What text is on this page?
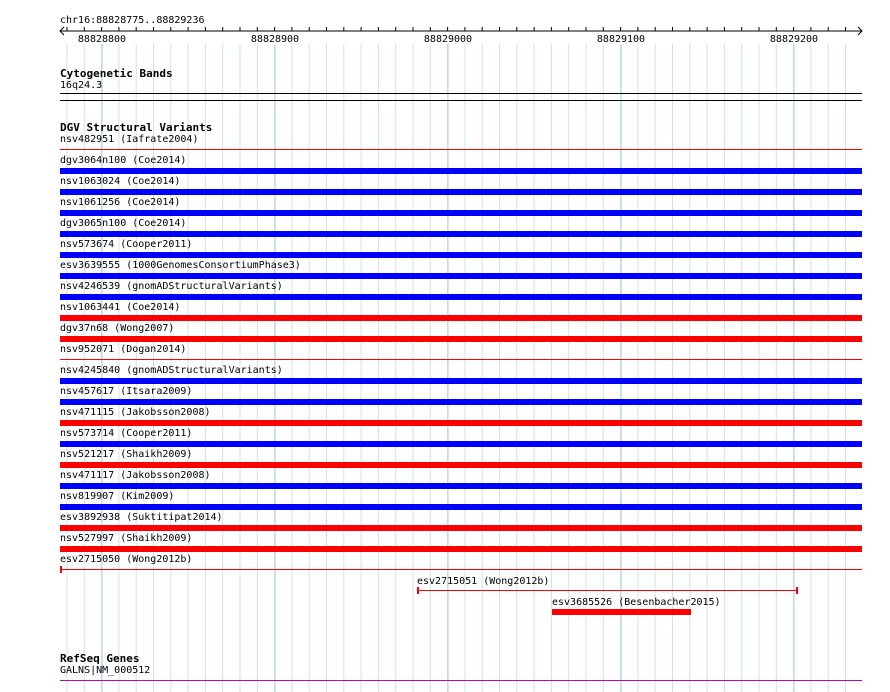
chr16:88828775..88829236
88828800	88828900	88829000	88829100	88829200
Cytogenetic Bands
16q24.3
DGV Structural Variants
nsv482951 (Iafrate2004)
dgv3064n100 (Coe2014)
nsv1063024 (Coe2014)
nsv1061256 (Coe2014)
dgv3065n100 (Coe2014)
nsv573674 (Cooper2011)
esv3639555 (1000GenomesConsortiumPhase3)
nsv4246539 (gnomADStructuralVariants)
nsv1063441 (Coe2014)
dgv37n68 (Wong2007)
nsv952071 (Dogan2014)
nsv4245840 (gnomADStructuralVariants)
nsv457617 (Itsara2009)
nsv471115 (Jakobsson2008)
nsv573714 (Cooper2011)
nsv521217 (Shaikh2009)
nsv471117 (Jakobsson2008)
nsv819907 (Kim2009)
esv3892938 (Suktitipat2014)
nsv527997 (Shaikh2009)
esv2715050 (Wong2012b)
esv2715051 (Wong2012b)
esv3685526 (Besenbacher2015)
RefSeq Genes
GALNS|NM_000512
